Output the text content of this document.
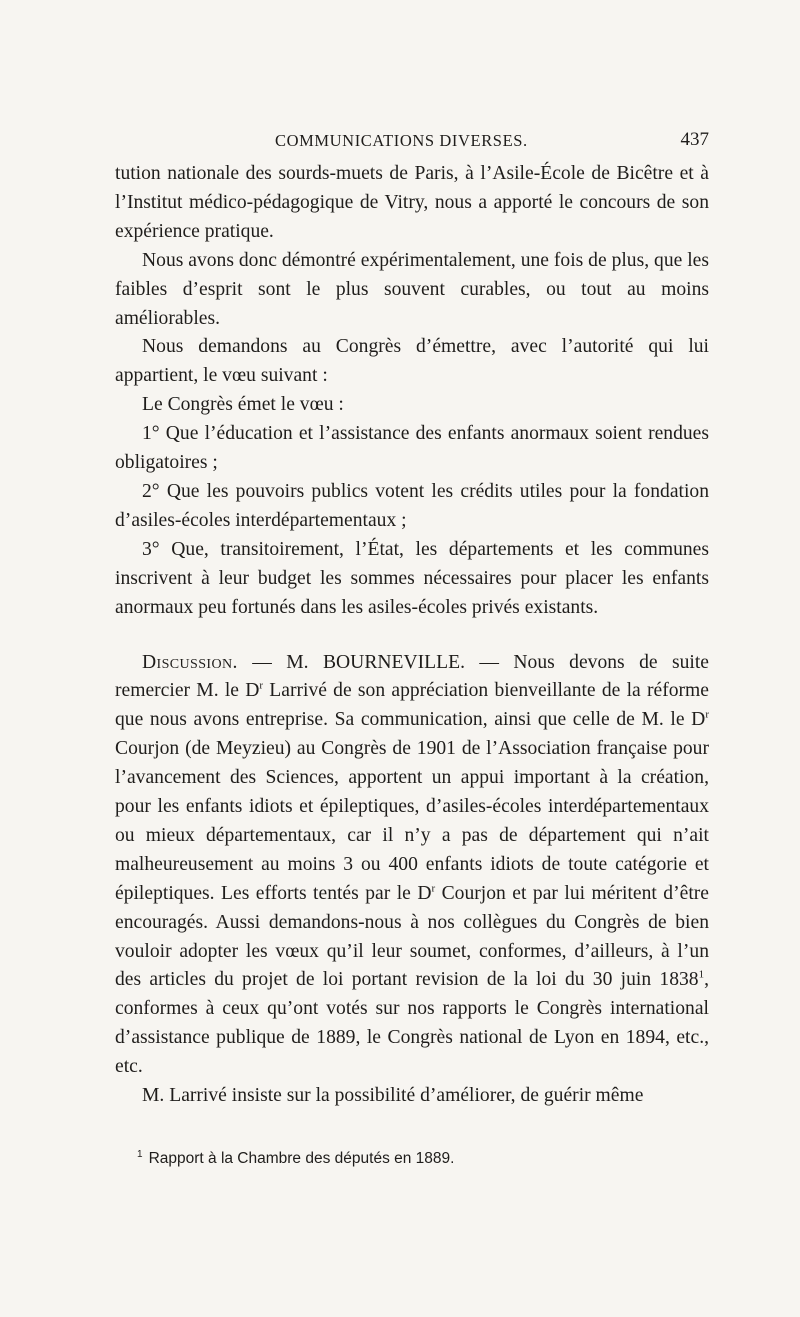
COMMUNICATIONS DIVERSES.	437

tution nationale des sourds-muets de Paris, à l’Asile-École de Bicêtre et à l’Institut médico-pédagogique de Vitry, nous a apporté le concours de son expérience pratique.

Nous avons donc démontré expérimentalement, une fois de plus, que les faibles d’esprit sont le plus souvent curables, ou tout au moins améliorables.

Nous demandons au Congrès d’émettre, avec l’autorité qui lui appartient, le vœu suivant :

Le Congrès émet le vœu :

1° Que l’éducation et l’assistance des enfants anormaux soient rendues obligatoires ;

2° Que les pouvoirs publics votent les crédits utiles pour la fondation d’asiles-écoles interdépartementaux ;

3° Que, transitoirement, l’État, les départements et les communes inscrivent à leur budget les sommes nécessaires pour placer les enfants anormaux peu fortunés dans les asiles-écoles privés existants.

Discussion. — M. BOURNEVILLE. — Nous devons de suite remercier M. le $D^r$ Larrivé de son appréciation bienveillante de la réforme que nous avons entreprise. Sa communication, ainsi que celle de M. le $D^r$ Courjon (de Meyzieu) au Congrès de 1901 de l’Association française pour l’avancement des Sciences, apportent un appui important à la création, pour les enfants idiots et épileptiques, d’asiles-écoles interdépartementaux ou mieux départementaux, car il n’y a pas de département qui n’ait malheureusement au moins 3 ou 400 enfants idiots de toute catégorie et épileptiques. Les efforts tentés par le $D^r$ Courjon et par lui méritent d’être encouragés. Aussi demandons-nous à nos collègues du Congrès de bien vouloir adopter les vœux qu’il leur soumet, conformes, d’ailleurs, à l’un des articles du projet de loi portant revision de la loi du 30 juin 1838$^1$, conformes à ceux qu’ont votés sur nos rapports le Congrès international d’assistance publique de 1889, le Congrès national de Lyon en 1894, etc., etc.

M. Larrivé insiste sur la possibilité d’améliorer, de guérir même

$^1$ Rapport à la Chambre des députés en 1889.
